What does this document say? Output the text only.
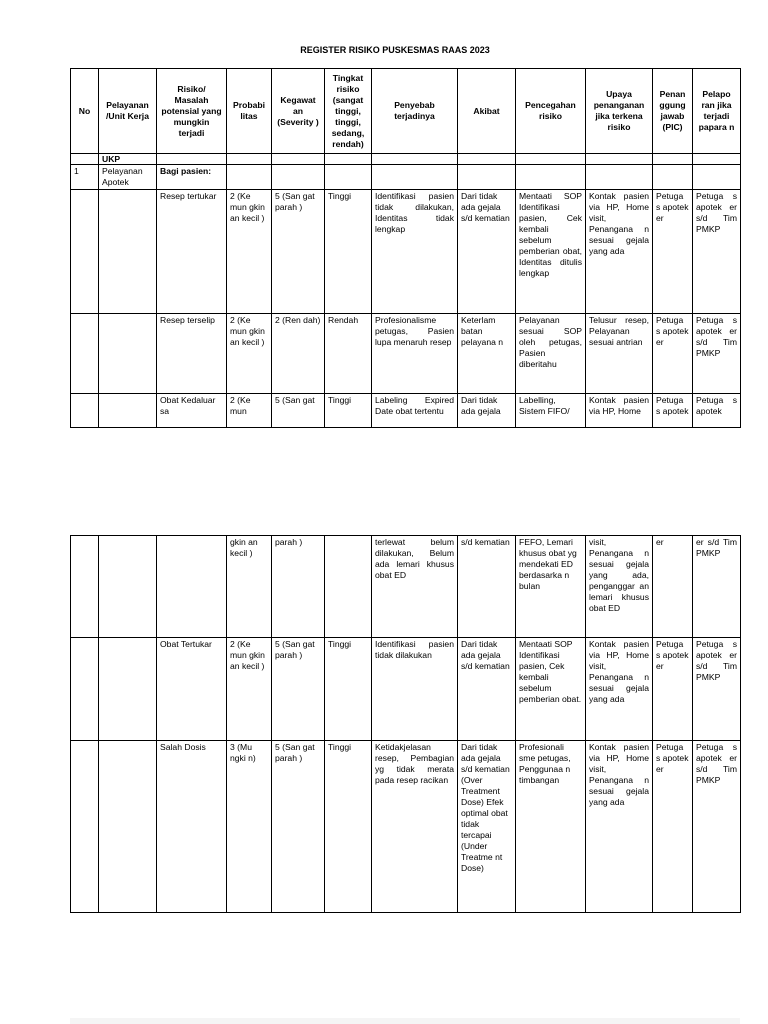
REGISTER RISIKO PUSKESMAS RAAS 2023
No	Pelayanan /Unit Kerja	Risiko/ Masalah potensial yang mungkin terjadi	Probabi litas	Kegawat an (Severity )	Tingkat risiko (sangat tinggi, tinggi, sedang, rendah)	Penyebab terjadinya	Akibat	Pencegahan risiko	Upaya penanganan jika terkena risiko	Penan ggung jawab (PIC)	Pelapo ran jika terjadi papara n
	UKP										
1	Pelayanan Apotek	Bagi pasien:									
		Resep tertukar	2 (Ke mun gkin an kecil )	5 (San gat parah )	Tinggi	Identifikasi pasien tidak dilakukan, Identitas tidak lengkap	Dari tidak ada gejala s/d kematian	Mentaati SOP Identifikasi pasien, Cek kembali sebelum pemberian obat, Identitas ditulis lengkap	Kontak pasien via HP, Home visit, Penangana n sesuai gejala yang ada	Petuga s apotek er	Petuga s apotek er s/d Tim PMKP
		Resep terselip	2 (Ke mun gkin an kecil )	2 (Ren dah)	Rendah	Profesionalisme petugas, Pasien lupa menaruh resep	Keterlam batan pelayana n	Pelayanan sesuai SOP oleh petugas, Pasien diberitahu	Telusur resep, Pelayanan sesuai antrian	Petuga s apotek er	Petuga s apotek er s/d Tim PMKP
		Obat Kedaluar sa	2 (Ke mun	5 (San gat	Tinggi	Labeling Expired Date obat tertentu	Dari tidak ada gejala	Labelling, Sistem FIFO/	Kontak pasien via HP, Home	Petuga s apotek	Petuga s apotek
			gkin an kecil )	parah )		terlewat belum dilakukan, Belum ada lemari khusus obat ED	s/d kematian	FEFO, Lemari khusus obat yg mendekati ED berdasarka n bulan	visit, Penangana n sesuai gejala yang ada, penganggar an lemari khusus obat ED	er	er s/d Tim PMKP
		Obat Tertukar	2 (Ke mun gkin an kecil )	5 (San gat parah )	Tinggi	Identifikasi pasien tidak dilakukan	Dari tidak ada gejala s/d kematian	Mentaati SOP Identifikasi pasien, Cek kembali sebelum pemberian obat.	Kontak pasien via HP, Home visit, Penangana n sesuai gejala yang ada	Petuga s apotek er	Petuga s apotek er s/d Tim PMKP
		Salah Dosis	3 (Mu ngki n)	5 (San gat parah )	Tinggi	Ketidakjelasan resep, Pembagian yg tidak merata pada resep racikan	Dari tidak ada gejala s/d kematian (Over Treatment Dose) Efek optimal obat tidak tercapai (Under Treatme nt Dose)	Profesionali sme petugas, Penggunaa n timbangan	Kontak pasien via HP, Home visit, Penangana n sesuai gejala yang ada	Petuga s apotek er	Petuga s apotek er s/d Tim PMKP
